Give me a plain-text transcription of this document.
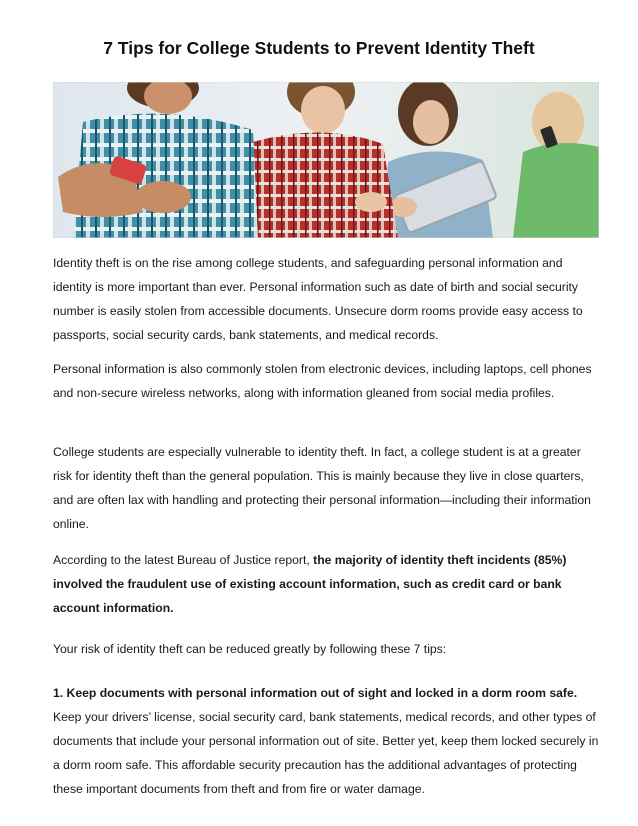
7 Tips for College Students to Prevent Identity Theft

Identity theft is on the rise among college students, and safeguarding personal information and identity is more important than ever. Personal information such as date of birth and social security number is easily stolen from accessible documents. Unsecure dorm rooms provide easy access to passports, social security cards, bank statements, and medical records.

Personal information is also commonly stolen from electronic devices, including laptops, cell phones and non-secure wireless networks, along with information gleaned from social media profiles.

College students are especially vulnerable to identity theft. In fact, a college student is at a greater risk for identity theft than the general population. This is mainly because they live in close quarters, and are often lax with handling and protecting their personal information—including their information online.

According to the latest Bureau of Justice report, the majority of identity theft incidents (85%) involved the fraudulent use of existing account information, such as credit card or bank account information.

Your risk of identity theft can be reduced greatly by following these 7 tips:

1. Keep documents with personal information out of sight and locked in a dorm room safe.

Keep your drivers’ license, social security card, bank statements, medical records, and other types of documents that include your personal information out of site. Better yet, keep them locked securely in a dorm room safe. This affordable security precaution has the additional advantages of protecting these important documents from theft and from fire or water damage.
